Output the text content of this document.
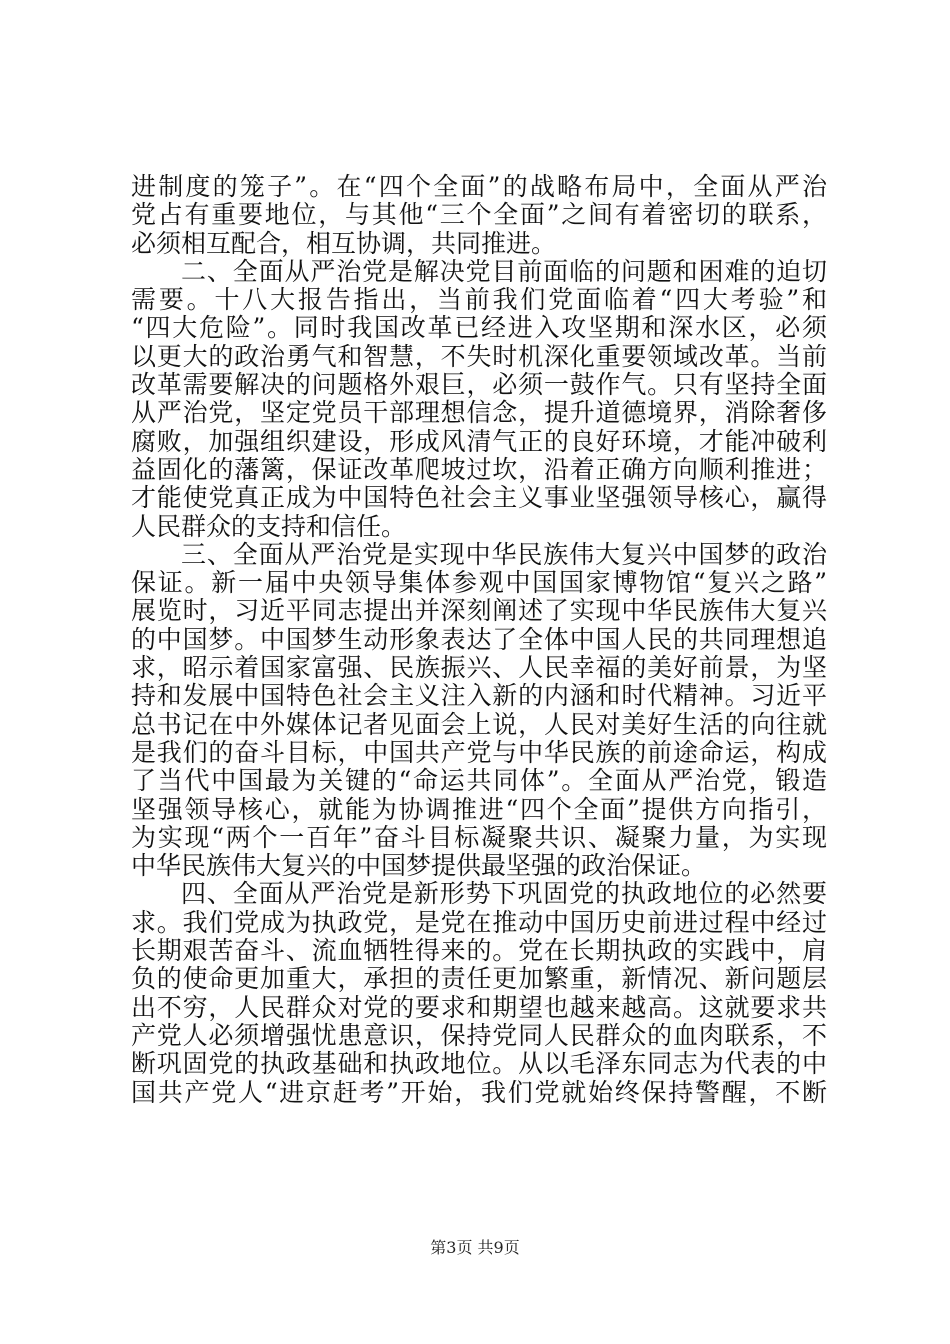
进制度的笼子”。在“四个全面”的战略布局中，全面从严治
党占有重要地位，与其他“三个全面”之间有着密切的联系，
必须相互配合，相互协调，共同推进。
二、全面从严治党是解决党目前面临的问题和困难的迫切
需要。十八大报告指出，当前我们党面临着“四大考验”和
“四大危险”。同时我国改革已经进入攻坚期和深水区，必须
以更大的政治勇气和智慧，不失时机深化重要领域改革。当前
改革需要解决的问题格外艰巨，必须一鼓作气。只有坚持全面
从严治党，坚定党员干部理想信念，提升道德境界，消除奢侈
腐败，加强组织建设，形成风清气正的良好环境，才能冲破利
益固化的藩篱，保证改革爬坡过坎，沿着正确方向顺利推进；
才能使党真正成为中国特色社会主义事业坚强领导核心，赢得
人民群众的支持和信任。
三、全面从严治党是实现中华民族伟大复兴中国梦的政治
保证。新一届中央领导集体参观中国国家博物馆“复兴之路”
展览时，习近平同志提出并深刻阐述了实现中华民族伟大复兴
的中国梦。中国梦生动形象表达了全体中国人民的共同理想追
求，昭示着国家富强、民族振兴、人民幸福的美好前景，为坚
持和发展中国特色社会主义注入新的内涵和时代精神。习近平
总书记在中外媒体记者见面会上说，人民对美好生活的向往就
是我们的奋斗目标，中国共产党与中华民族的前途命运，构成
了当代中国最为关键的“命运共同体”。全面从严治党，锻造
坚强领导核心，就能为协调推进“四个全面”提供方向指引，
为实现“两个一百年”奋斗目标凝聚共识、凝聚力量，为实现
中华民族伟大复兴的中国梦提供最坚强的政治保证。
四、全面从严治党是新形势下巩固党的执政地位的必然要
求。我们党成为执政党，是党在推动中国历史前进过程中经过
长期艰苦奋斗、流血牺牲得来的。党在长期执政的实践中，肩
负的使命更加重大，承担的责任更加繁重，新情况、新问题层
出不穷，人民群众对党的要求和期望也越来越高。这就要求共
产党人必须增强忧患意识，保持党同人民群众的血肉联系，不
断巩固党的执政基础和执政地位。从以毛泽东同志为代表的中
国共产党人“进京赶考”开始，我们党就始终保持警醒，不断
第3页 共9页
